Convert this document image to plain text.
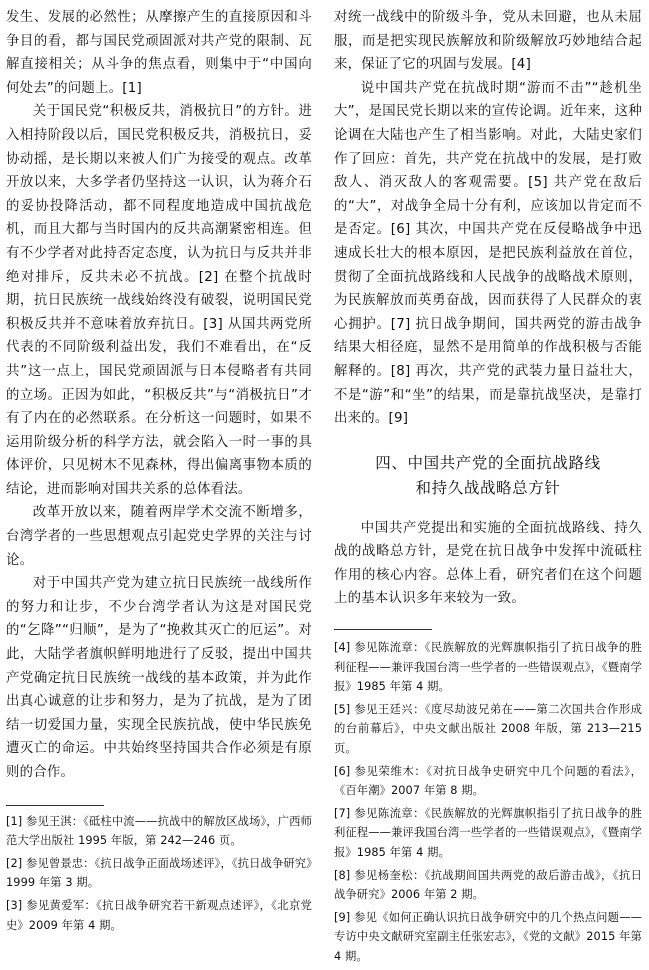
发生、发展的必然性；从摩擦产生的直接原因和斗争目的看，都与国民党顽固派对共产党的限制、瓦解直接相关；从斗争的焦点看，则集中于“中国向何处去”的问题上。[1]

关于国民党“积极反共，消极抗日”的方针。进入相持阶段以后，国民党积极反共，消极抗日，妥协动摇，是长期以来被人们广为接受的观点。改革开放以来，大多学者仍坚持这一认识，认为蒋介石的妥协投降活动，都不同程度地造成中国抗战危机，而且大都与当时国内的反共高潮紧密相连。但有不少学者对此持否定态度，认为抗日与反共并非绝对排斥，反共未必不抗战。[2] 在整个抗战时期，抗日民族统一战线始终没有破裂，说明国民党积极反共并不意味着放弃抗日。[3] 从国共两党所代表的不同阶级利益出发，我们不难看出，在“反共”这一点上，国民党顽固派与日本侵略者有共同的立场。正因为如此，“积极反共”与“消极抗日”才有了内在的必然联系。在分析这一问题时，如果不运用阶级分析的科学方法，就会陷入一时一事的具体评价，只见树木不见森林，得出偏离事物本质的结论，进而影响对国共关系的总体看法。

改革开放以来，随着两岸学术交流不断增多，台湾学者的一些思想观点引起党史学界的关注与讨论。

对于中国共产党为建立抗日民族统一战线所作的努力和让步，不少台湾学者认为这是对国民党的“乞降”“归顺”，是为了“挽救其灭亡的厄运”。对此，大陆学者旗帜鲜明地进行了反驳，提出中国共产党确定抗日民族统一战线的基本政策，并为此作出真心诚意的让步和努力，是为了抗战，是为了团结一切爱国力量，实现全民族抗战，使中华民族免遭灭亡的命运。中共始终坚持国共合作必须是有原则的合作。

[1] 参见王淇：《砥柱中流——抗战中的解放区战场》，广西师范大学出版社 1995 年版，第 242—246 页。

[2] 参见曾景忠：《抗日战争正面战场述评》，《抗日战争研究》1999 年第 3 期。

[3] 参见黄爱军：《抗日战争研究若干新观点述评》，《北京党史》2009 年第 4 期。

对统一战线中的阶级斗争，党从未回避，也从未屈服，而是把实现民族解放和阶级解放巧妙地结合起来，保证了它的巩固与发展。[4]

说中国共产党在抗战时期“游而不击”“趁机坐大”，是国民党长期以来的宣传论调。近年来，这种论调在大陆也产生了相当影响。对此，大陆史家们作了回应：首先，共产党在抗战中的发展，是打败敌人、消灭敌人的客观需要。[5] 共产党在敌后的“大”，对战争全局十分有利，应该加以肯定而不是否定。[6] 其次，中国共产党在反侵略战争中迅速成长壮大的根本原因，是把民族利益放在首位，贯彻了全面抗战路线和人民战争的战略战术原则，为民族解放而英勇奋战，因而获得了人民群众的衷心拥护。[7] 抗日战争期间，国共两党的游击战争结果大相径庭，显然不是用简单的作战积极与否能解释的。[8] 再次，共产党的武装力量日益壮大，不是“游”和“坐”的结果，而是靠抗战坚决，是靠打出来的。[9]

四、中国共产党的全面抗战路线
和持久战战略总方针

中国共产党提出和实施的全面抗战路线、持久战的战略总方针，是党在抗日战争中发挥中流砥柱作用的核心内容。总体上看，研究者们在这个问题上的基本认识多年来较为一致。

[4] 参见陈流章：《民族解放的光辉旗帜指引了抗日战争的胜利征程——兼评我国台湾一些学者的一些错误观点》，《暨南学报》1985 年第 4 期。

[5] 参见王廷兴：《度尽劫波兄弟在——第二次国共合作形成的台前幕后》，中央文献出版社 2008 年版，第 213—215 页。

[6] 参见荣维木：《对抗日战争史研究中几个问题的看法》，《百年潮》2007 年第 8 期。

[7] 参见陈流章：《民族解放的光辉旗帜指引了抗日战争的胜利征程——兼评我国台湾一些学者的一些错误观点》，《暨南学报》1985 年第 4 期。

[8] 参见杨奎松：《抗战期间国共两党的敌后游击战》，《抗日战争研究》2006 年第 2 期。

[9] 参见《如何正确认识抗日战争研究中的几个热点问题——专访中央文献研究室副主任张宏志》，《党的文献》2015 年第 4 期。
